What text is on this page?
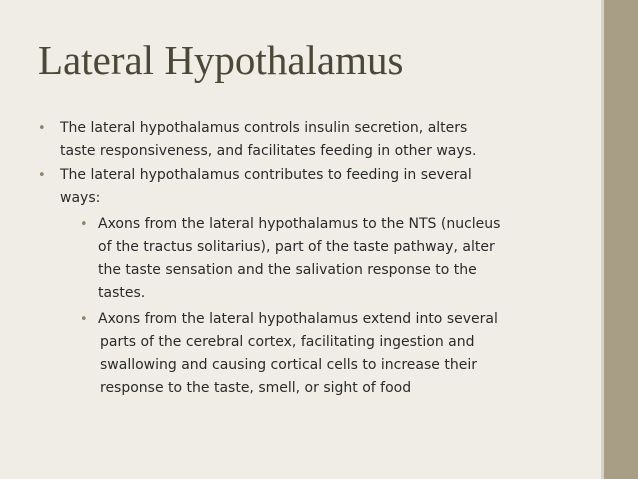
Lateral Hypothalamus
• The lateral hypothalamus controls insulin secretion, alters
taste responsiveness, and facilitates feeding in other ways.
• The lateral hypothalamus contributes to feeding in several
ways:
• Axons from the lateral hypothalamus to the NTS (nucleus
of the tractus solitarius), part of the taste pathway, alter
the taste sensation and the salivation response to the
tastes.
• Axons from the lateral hypothalamus extend into several
parts of the cerebral cortex, facilitating ingestion and
swallowing and causing cortical cells to increase their
response to the taste, smell, or sight of food
